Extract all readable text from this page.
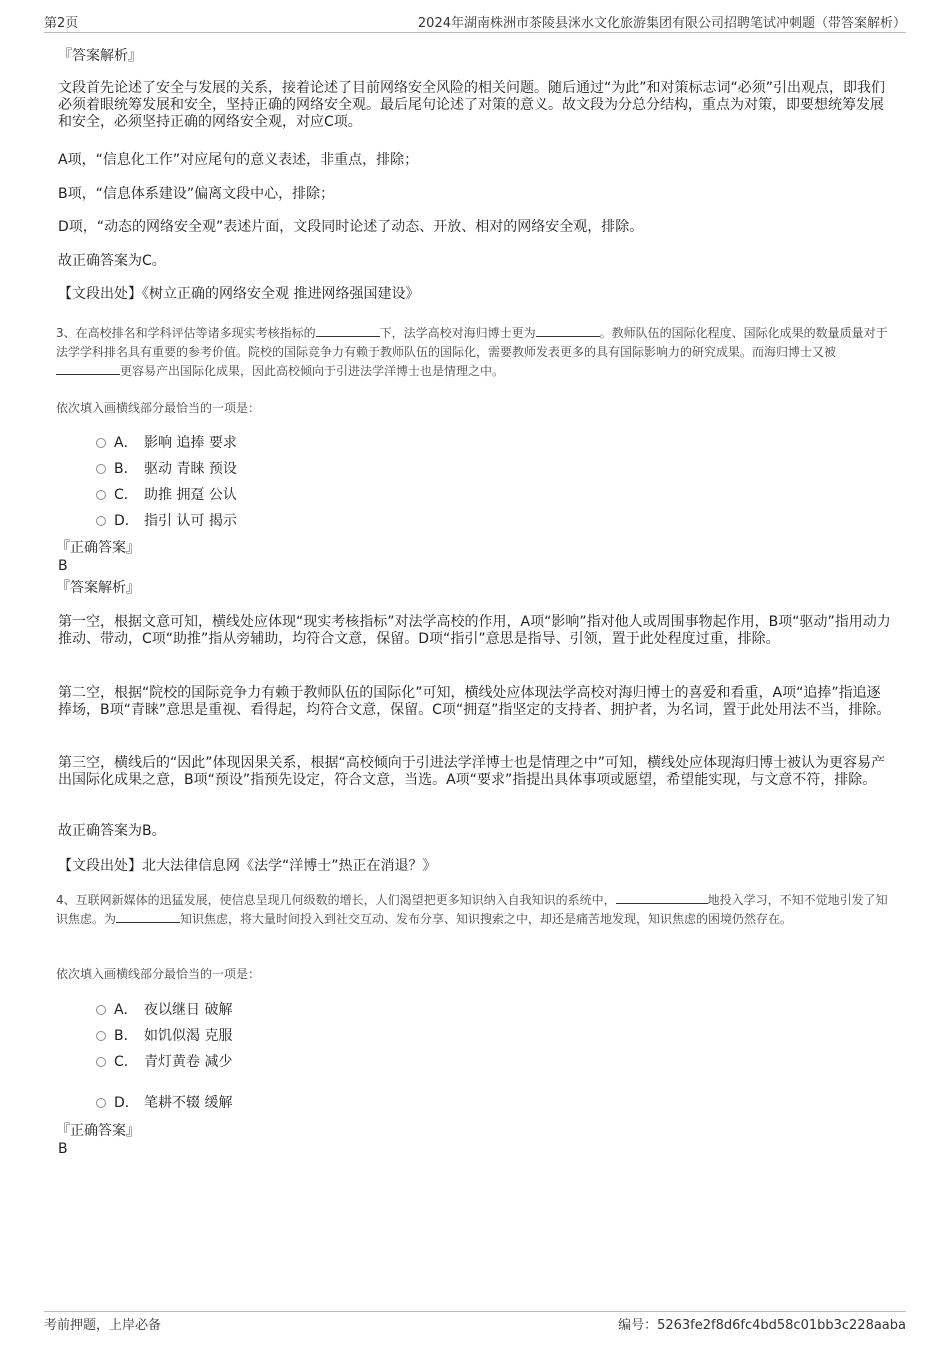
第2页	2024年湖南株洲市茶陵县洣水文化旅游集团有限公司招聘笔试冲刺题（带答案解析）
『答案解析』
文段首先论述了安全与发展的关系，接着论述了目前网络安全风险的相关问题。随后通过“为此”和对策标志词“必须”引出观点，即我们必须着眼统筹发展和安全，坚持正确的网络安全观。最后尾句论述了对策的意义。故文段为分总分结构，重点为对策，即要想统筹发展和安全，必须坚持正确的网络安全观，对应C项。
A项，“信息化工作”对应尾句的意义表述，非重点，排除；
B项，“信息体系建设”偏离文段中心，排除；
D项，“动态的网络安全观”表述片面，文段同时论述了动态、开放、相对的网络安全观，排除。
故正确答案为C。
【文段出处】《树立正确的网络安全观 推进网络强国建设》
3、在高校排名和学科评估等诸多现实考核指标的	下，法学高校对海归博士更为	。教师队伍的国际化程度、国际化成果的数量质量对于法学学科排名具有重要的参考价值。院校的国际竞争力有赖于教师队伍的国际化，需要教师发表更多的具有国际影响力的研究成果。而海归博士又被更容易产出国际化成果，因此高校倾向于引进法学洋博士也是情理之中。
依次填入画横线部分最恰当的一项是：
A． 影响 追捧 要求
B． 驱动 青睐 预设
C． 助推 拥趸 公认
D． 指引 认可 揭示
『正确答案』
B
『答案解析』
第一空，根据文意可知，横线处应体现“现实考核指标”对法学高校的作用，A项“影响”指对他人或周围事物起作用，B项“驱动”指用动力推动、带动，C项“助推”指从旁辅助，均符合文意，保留。D项“指引”意思是指导、引领，置于此处程度过重，排除。
第二空，根据“院校的国际竞争力有赖于教师队伍的国际化”可知，横线处应体现法学高校对海归博士的喜爱和看重，A项“追捧”指追逐捧场，B项“青睐”意思是重视、看得起，均符合文意，保留。C项“拥趸”指坚定的支持者、拥护者，为名词，置于此处用法不当，排除。
第三空，横线后的“因此”体现因果关系，根据“高校倾向于引进法学洋博士也是情理之中”可知，横线处应体现海归博士被认为更容易产出国际化成果之意，B项“预设”指预先设定，符合文意，当选。A项“要求”指提出具体事项或愿望，希望能实现，与文意不符，排除。
故正确答案为B。
【文段出处】北大法律信息网《法学“洋博士”热正在消退？》
4、互联网新媒体的迅猛发展，使信息呈现几何级数的增长，人们渴望把更多知识纳入自我知识的系统中，	地投入学习，不知不觉地引发了知识焦虑。为	知识焦虑，将大量时间投入到社交互动、发布分享、知识搜索之中，却还是痛苦地发现，知识焦虑的困境仍然存在。
依次填入画横线部分最恰当的一项是：
A． 夜以继日 破解
B． 如饥似渴 克服
C． 青灯黄卷 减少
D． 笔耕不辍 缓解
『正确答案』
B
考前押题，上岸必备	编号：5263fe2f8d6fc4bd58c01bb3c228aaba
